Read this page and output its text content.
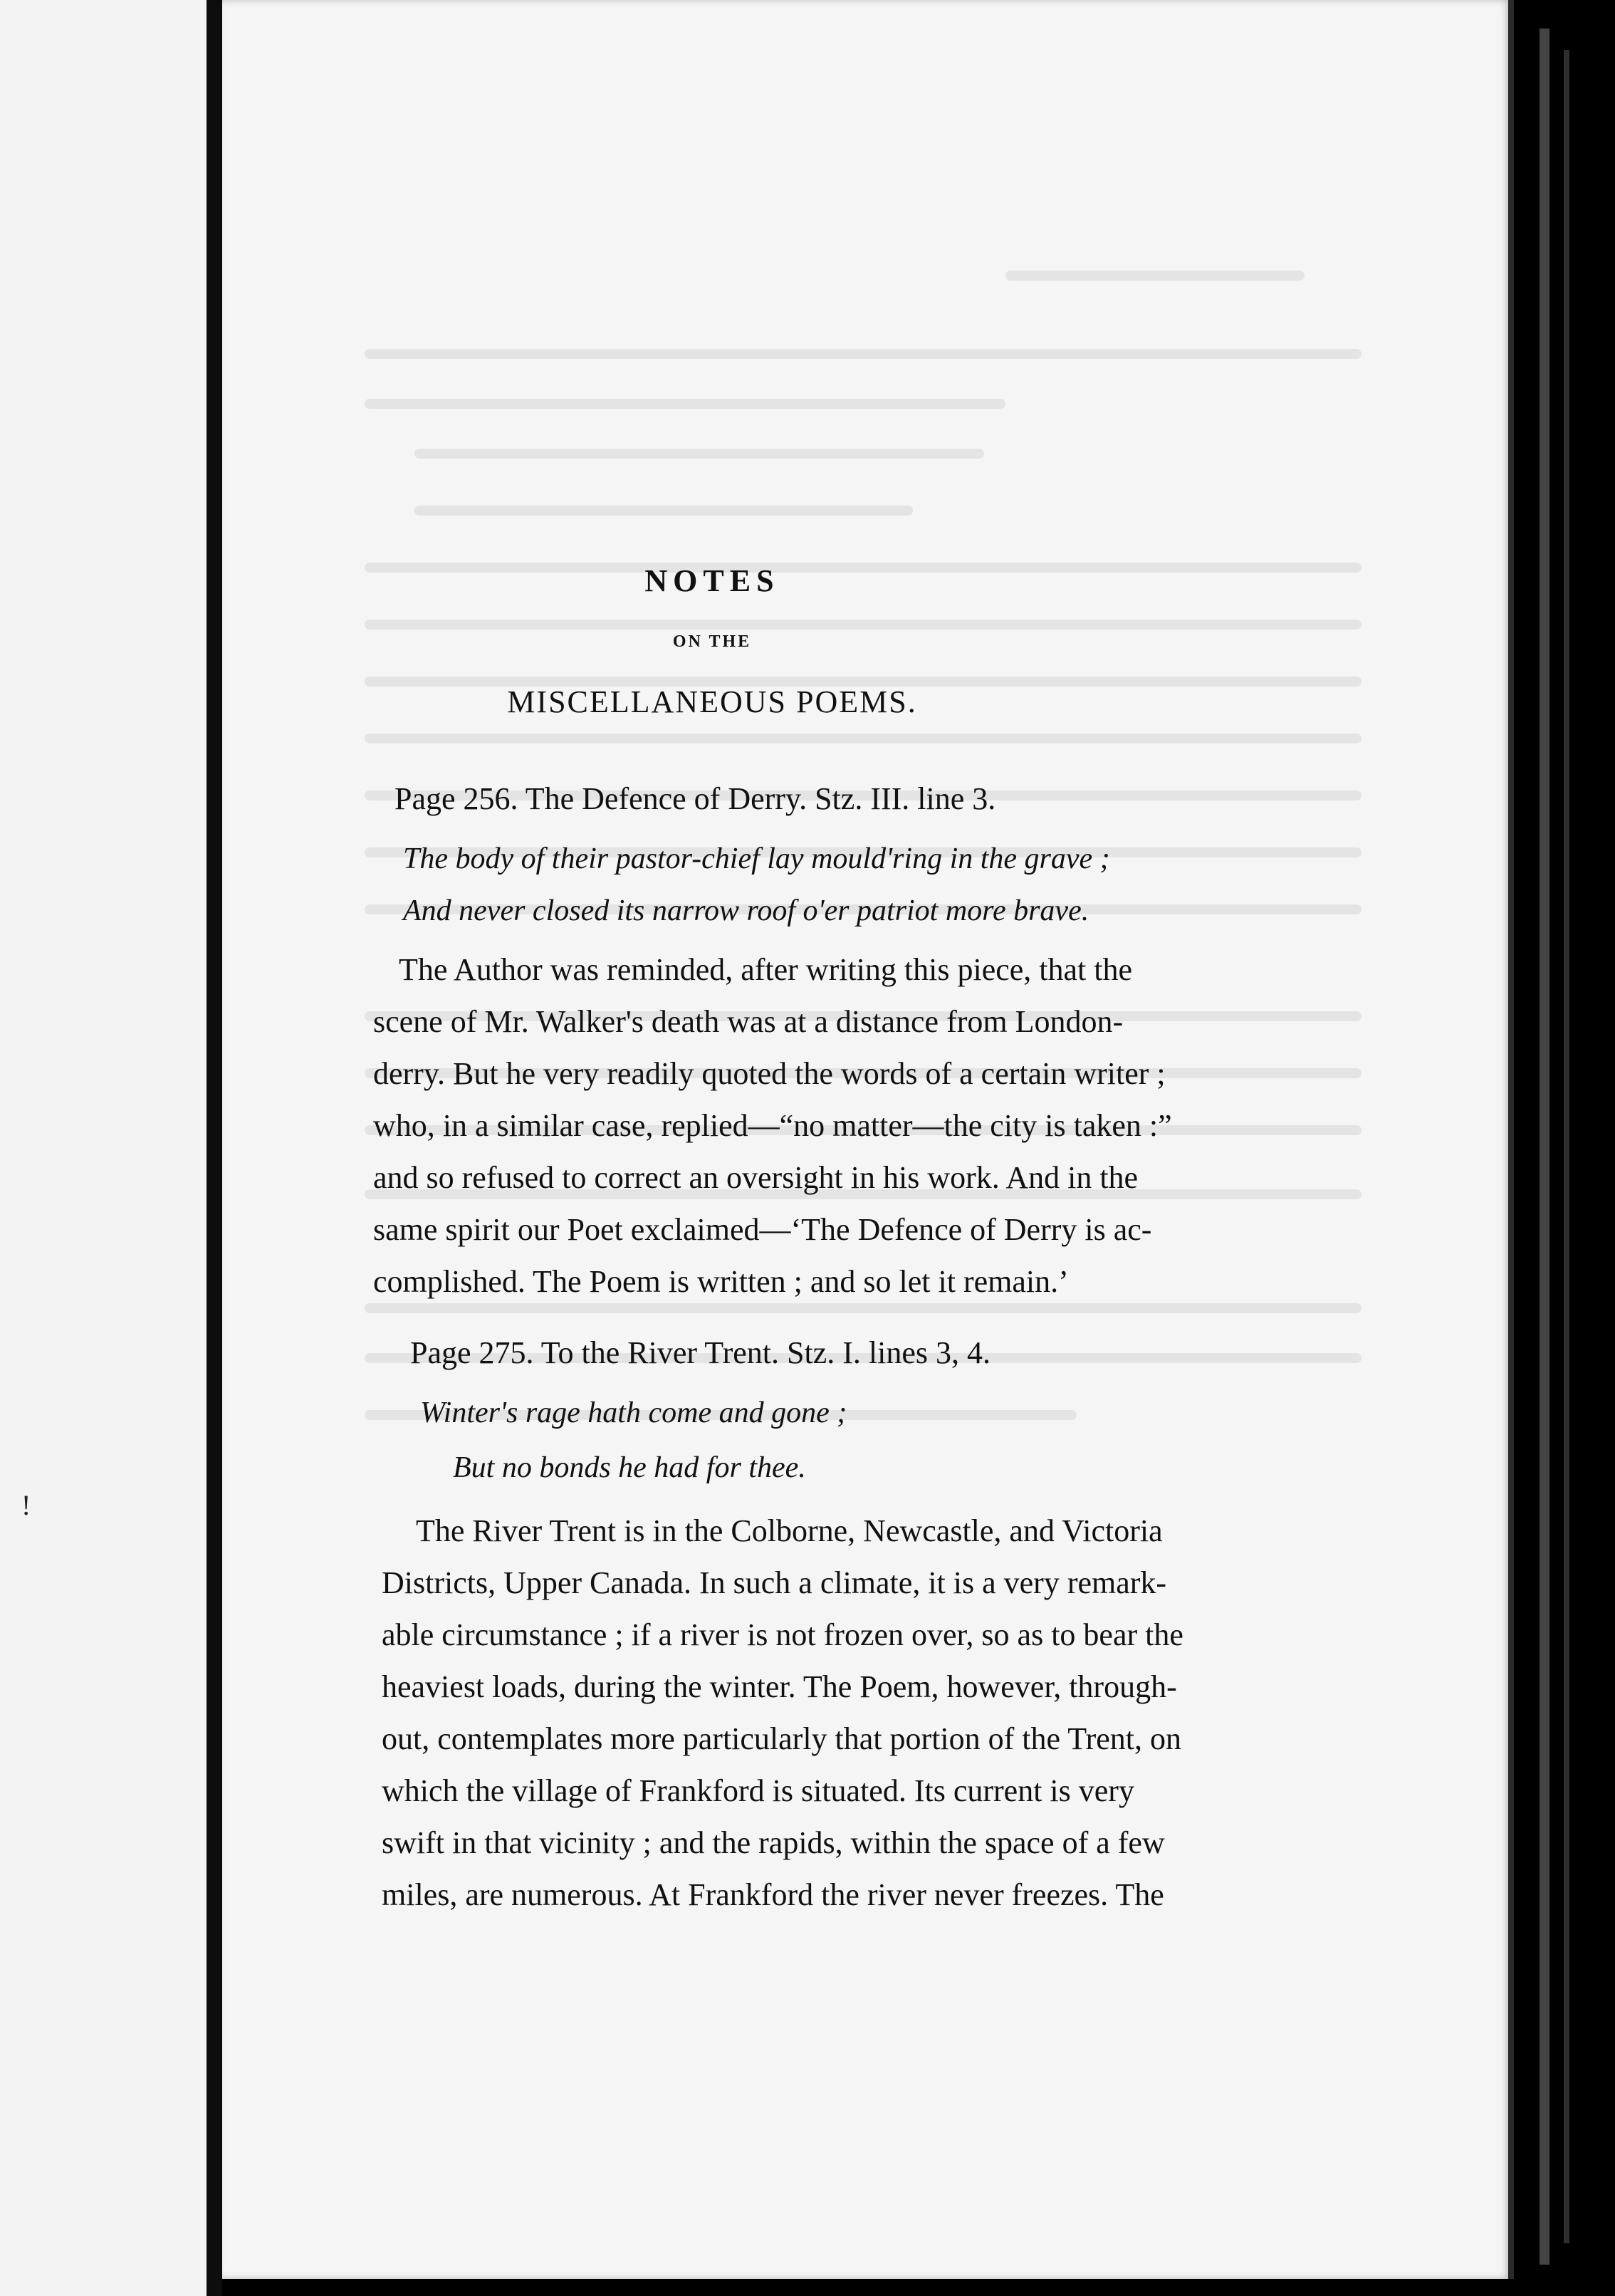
!
NOTES
ON THE
MISCELLANEOUS POEMS.
Page 256. The Defence of Derry. Stz. III. line 3.
The body of their pastor-chief lay mould'ring in the grave ;
And never closed its narrow roof o'er patriot more brave.
The Author was reminded, after writing this piece, that the
scene of Mr. Walker's death was at a distance from London-
derry. But he very readily quoted the words of a certain writer ;
who, in a similar case, replied—“no matter—the city is taken :”
and so refused to correct an oversight in his work. And in the
same spirit our Poet exclaimed—‘The Defence of Derry is ac-
complished. The Poem is written ; and so let it remain.’
Page 275. To the River Trent. Stz. I. lines 3, 4.
Winter's rage hath come and gone ;
But no bonds he had for thee.
The River Trent is in the Colborne, Newcastle, and Victoria
Districts, Upper Canada. In such a climate, it is a very remark-
able circumstance ; if a river is not frozen over, so as to bear the
heaviest loads, during the winter. The Poem, however, through-
out, contemplates more particularly that portion of the Trent, on
which the village of Frankford is situated. Its current is very
swift in that vicinity ; and the rapids, within the space of a few
miles, are numerous. At Frankford the river never freezes. The
